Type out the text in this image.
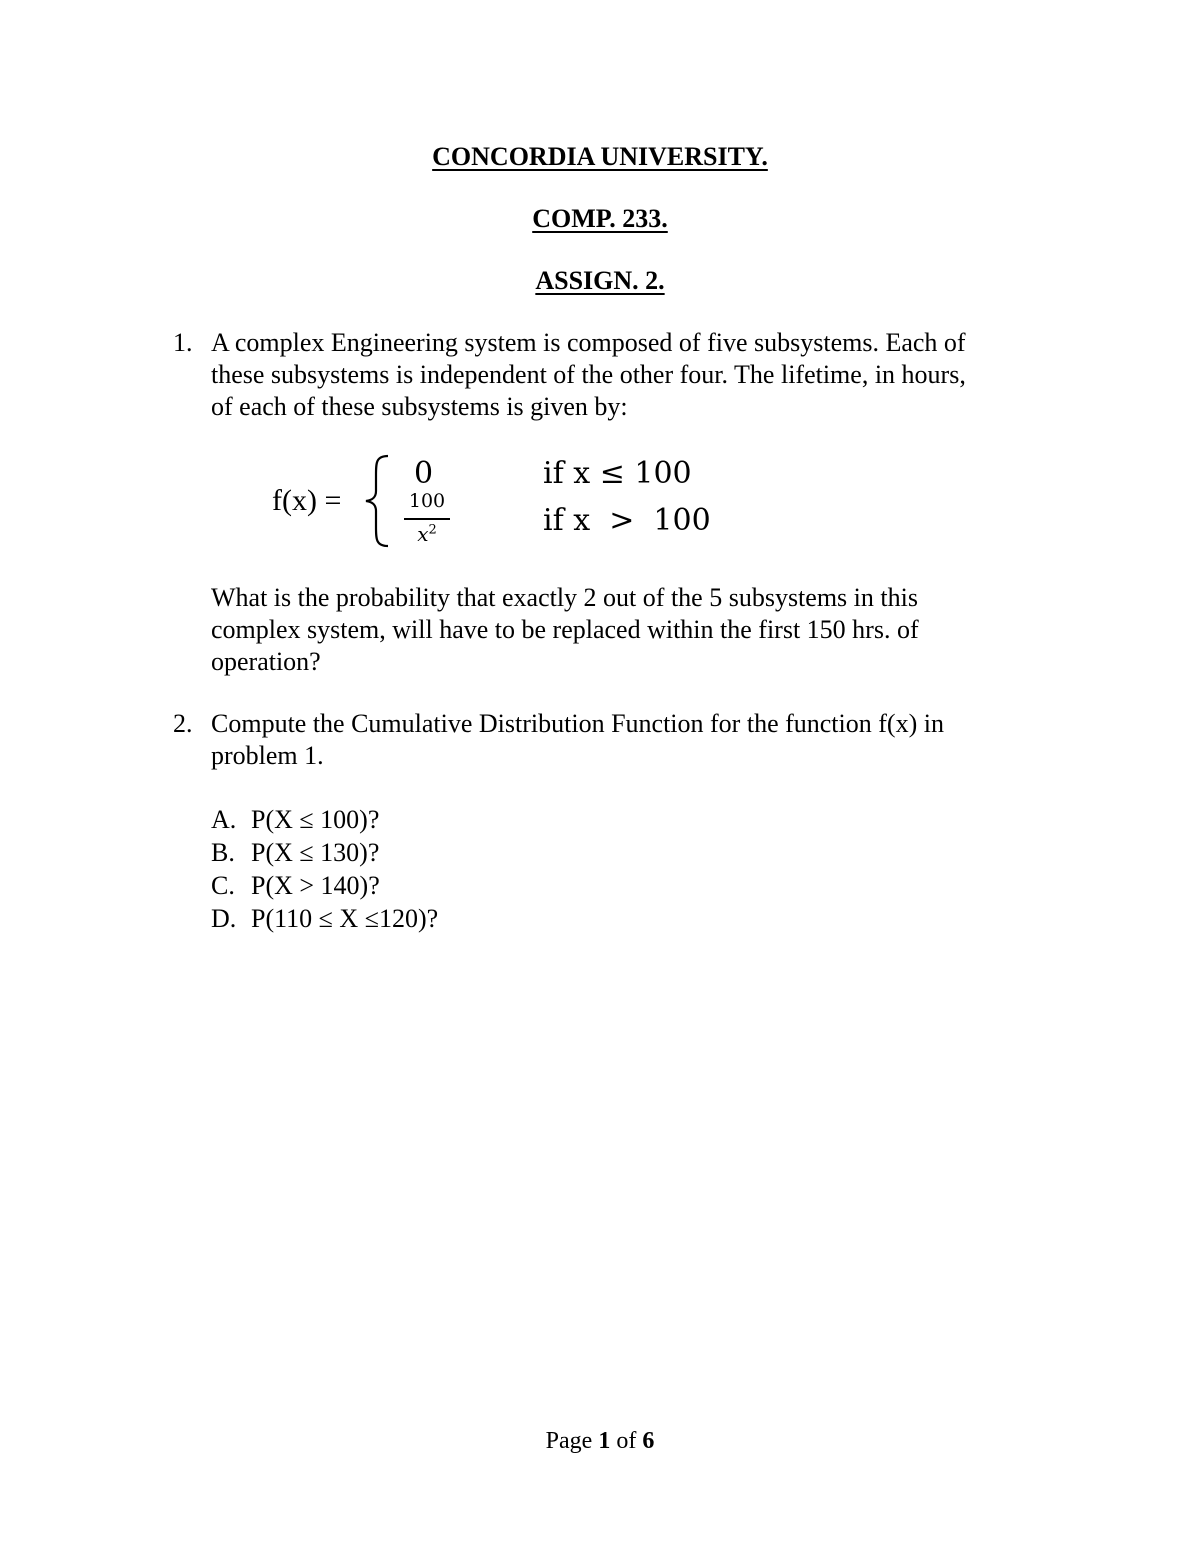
CONCORDIA UNIVERSITY.
COMP. 233.
ASSIGN. 2.
1. A complex Engineering system is composed of five subsystems. Each of
these subsystems is independent of the other four. The lifetime, in hours,
of each of these subsystems is given by:
f(x) =
0	if x ≤ 100
100
$x^2$	if x  >  100
What is the probability that exactly 2 out of the 5 subsystems in this
complex system, will have to be replaced within the first 150 hrs. of
operation?
2. Compute the Cumulative Distribution Function for the function f(x) in
problem 1.
A. P(X ≤ 100)?
B. P(X ≤ 130)?
C. P(X > 140)?
D. P(110 ≤ X ≤120)?
Page 1 of 6
